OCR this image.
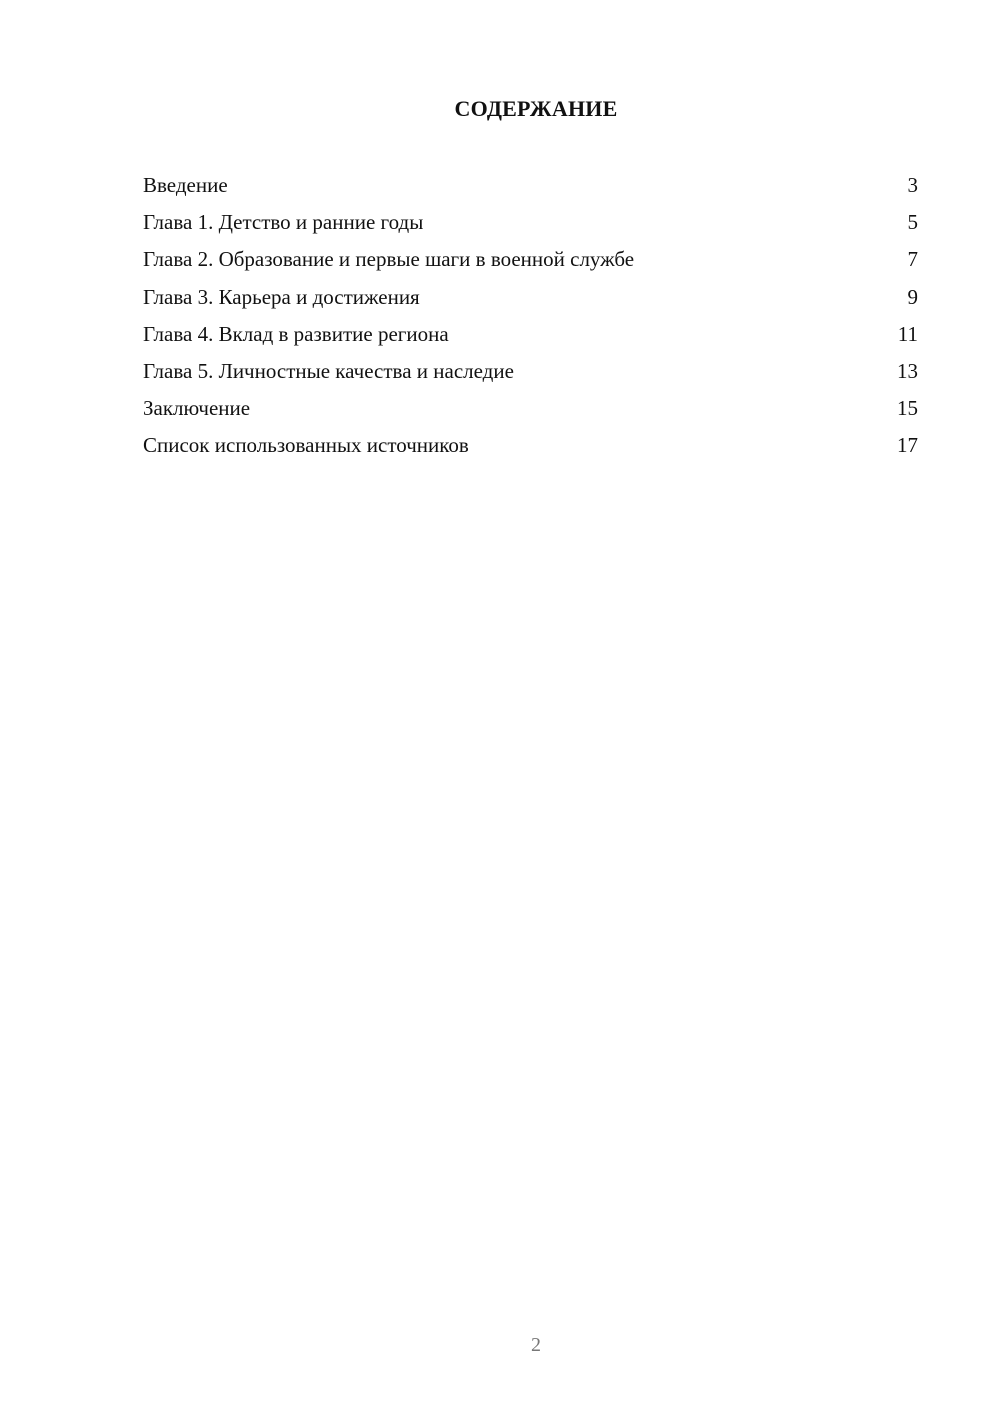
СОДЕРЖАНИЕ
Введение	3
Глава 1. Детство и ранние годы	5
Глава 2. Образование и первые шаги в военной службе	7
Глава 3. Карьера и достижения	9
Глава 4. Вклад в развитие региона	11
Глава 5. Личностные качества и наследие	13
Заключение	15
Список использованных источников	17
2
